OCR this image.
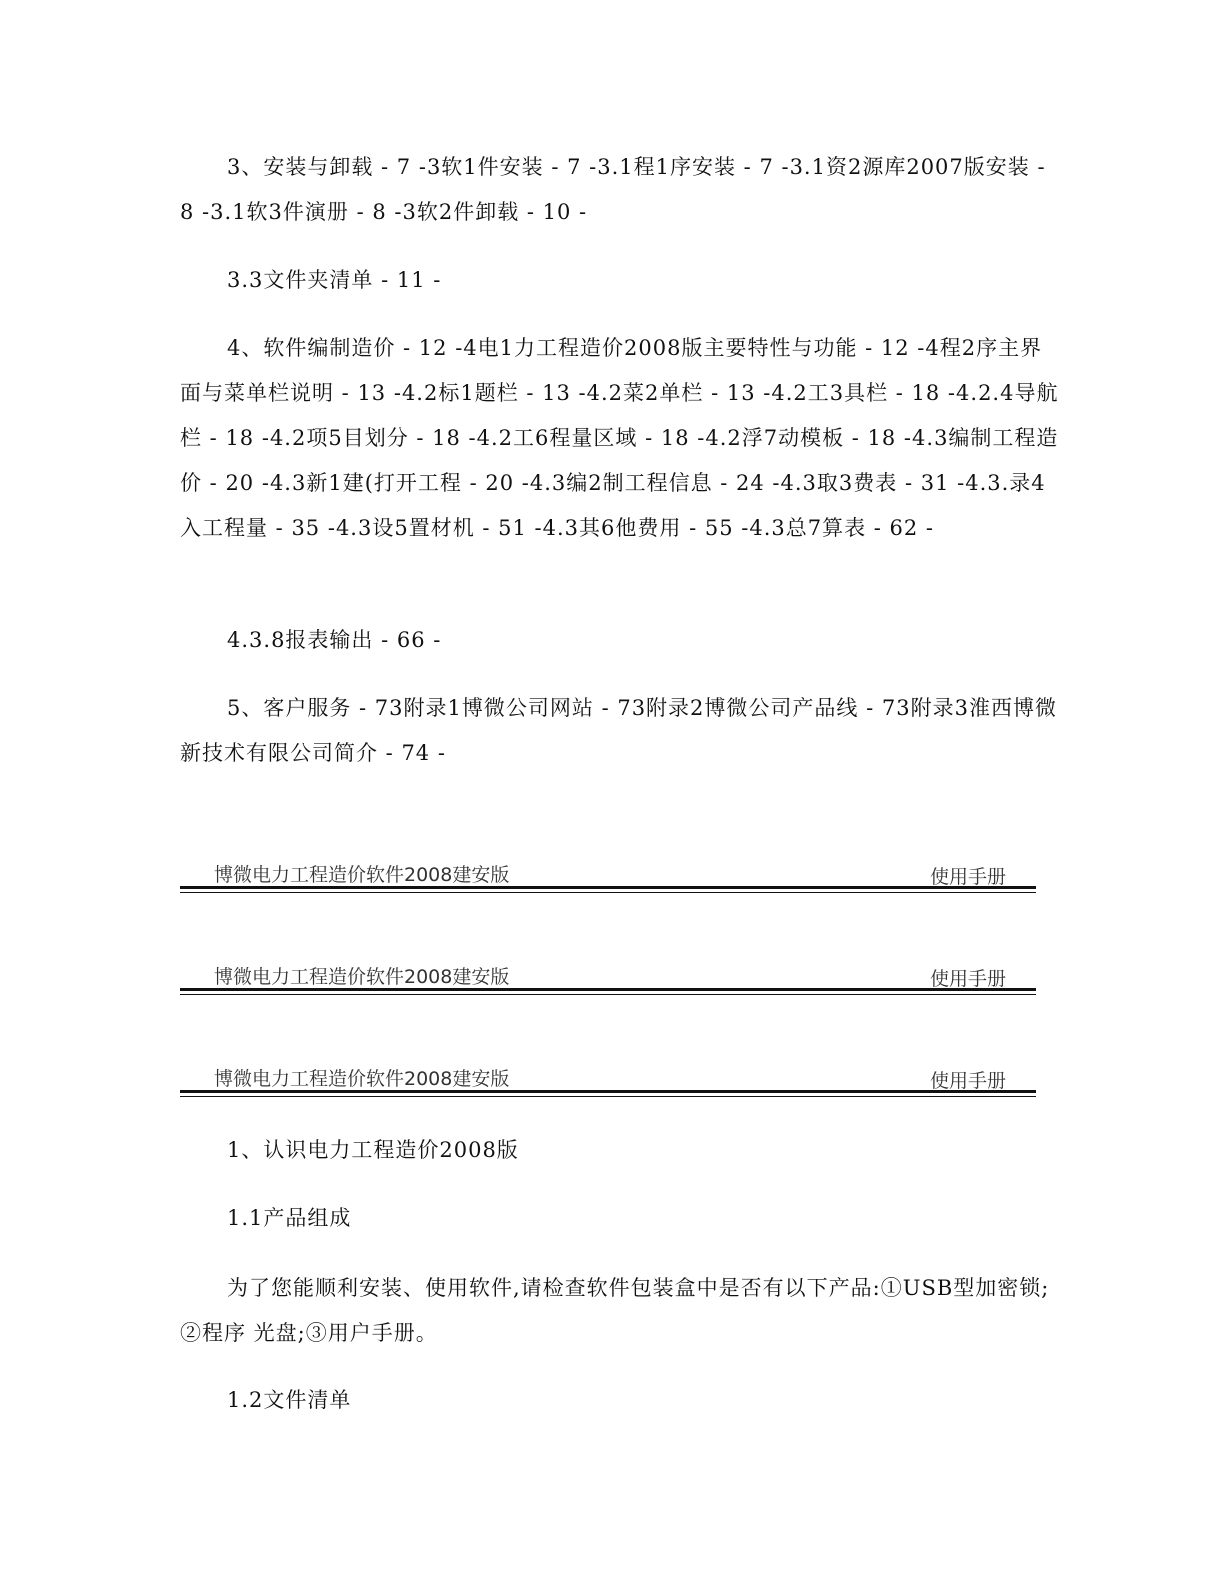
3、安装与卸载 - 7 -3软1件安装 - 7 -3.1程1序安装 - 7 -3.1资2源库2007版安装 - 8 -3.1软3件演册 - 8 -3软2件卸载 - 10 -

3.3文件夹清单 - 11 -

4、软件编制造价 - 12 -4电1力工程造价2008版主要特性与功能 - 12 -4程2序主界面与菜单栏说明 - 13 -4.2标1题栏 - 13 -4.2菜2单栏 - 13 -4.2工3具栏 - 18 -4.2.4导航栏 - 18 -4.2项5目划分 - 18 -4.2工6程量区域 - 18 -4.2浮7动模板 - 18 -4.3编制工程造价 - 20 -4.3新1建(打开工程 - 20 -4.3编2制工程信息 - 24 -4.3取3费表 - 31 -4.3.录4入工程量 - 35 -4.3设5置材机 - 51 -4.3其6他费用 - 55 -4.3总7算表 - 62 -

4.3.8报表输出 - 66 -

5、客户服务 - 73附录1博微公司网站 - 73附录2博微公司产品线 - 73附录3淮西博微新技术有限公司简介 - 74 -

博微电力工程造价软件2008建安版	使用手册
博微电力工程造价软件2008建安版	使用手册
博微电力工程造价软件2008建安版	使用手册

1、认识电力工程造价2008版

1.1产品组成

为了您能顺利安装、使用软件,请检查软件包装盒中是否有以下产品:①USB型加密锁;②程序 光盘;③用户手册。

1.2文件清单
